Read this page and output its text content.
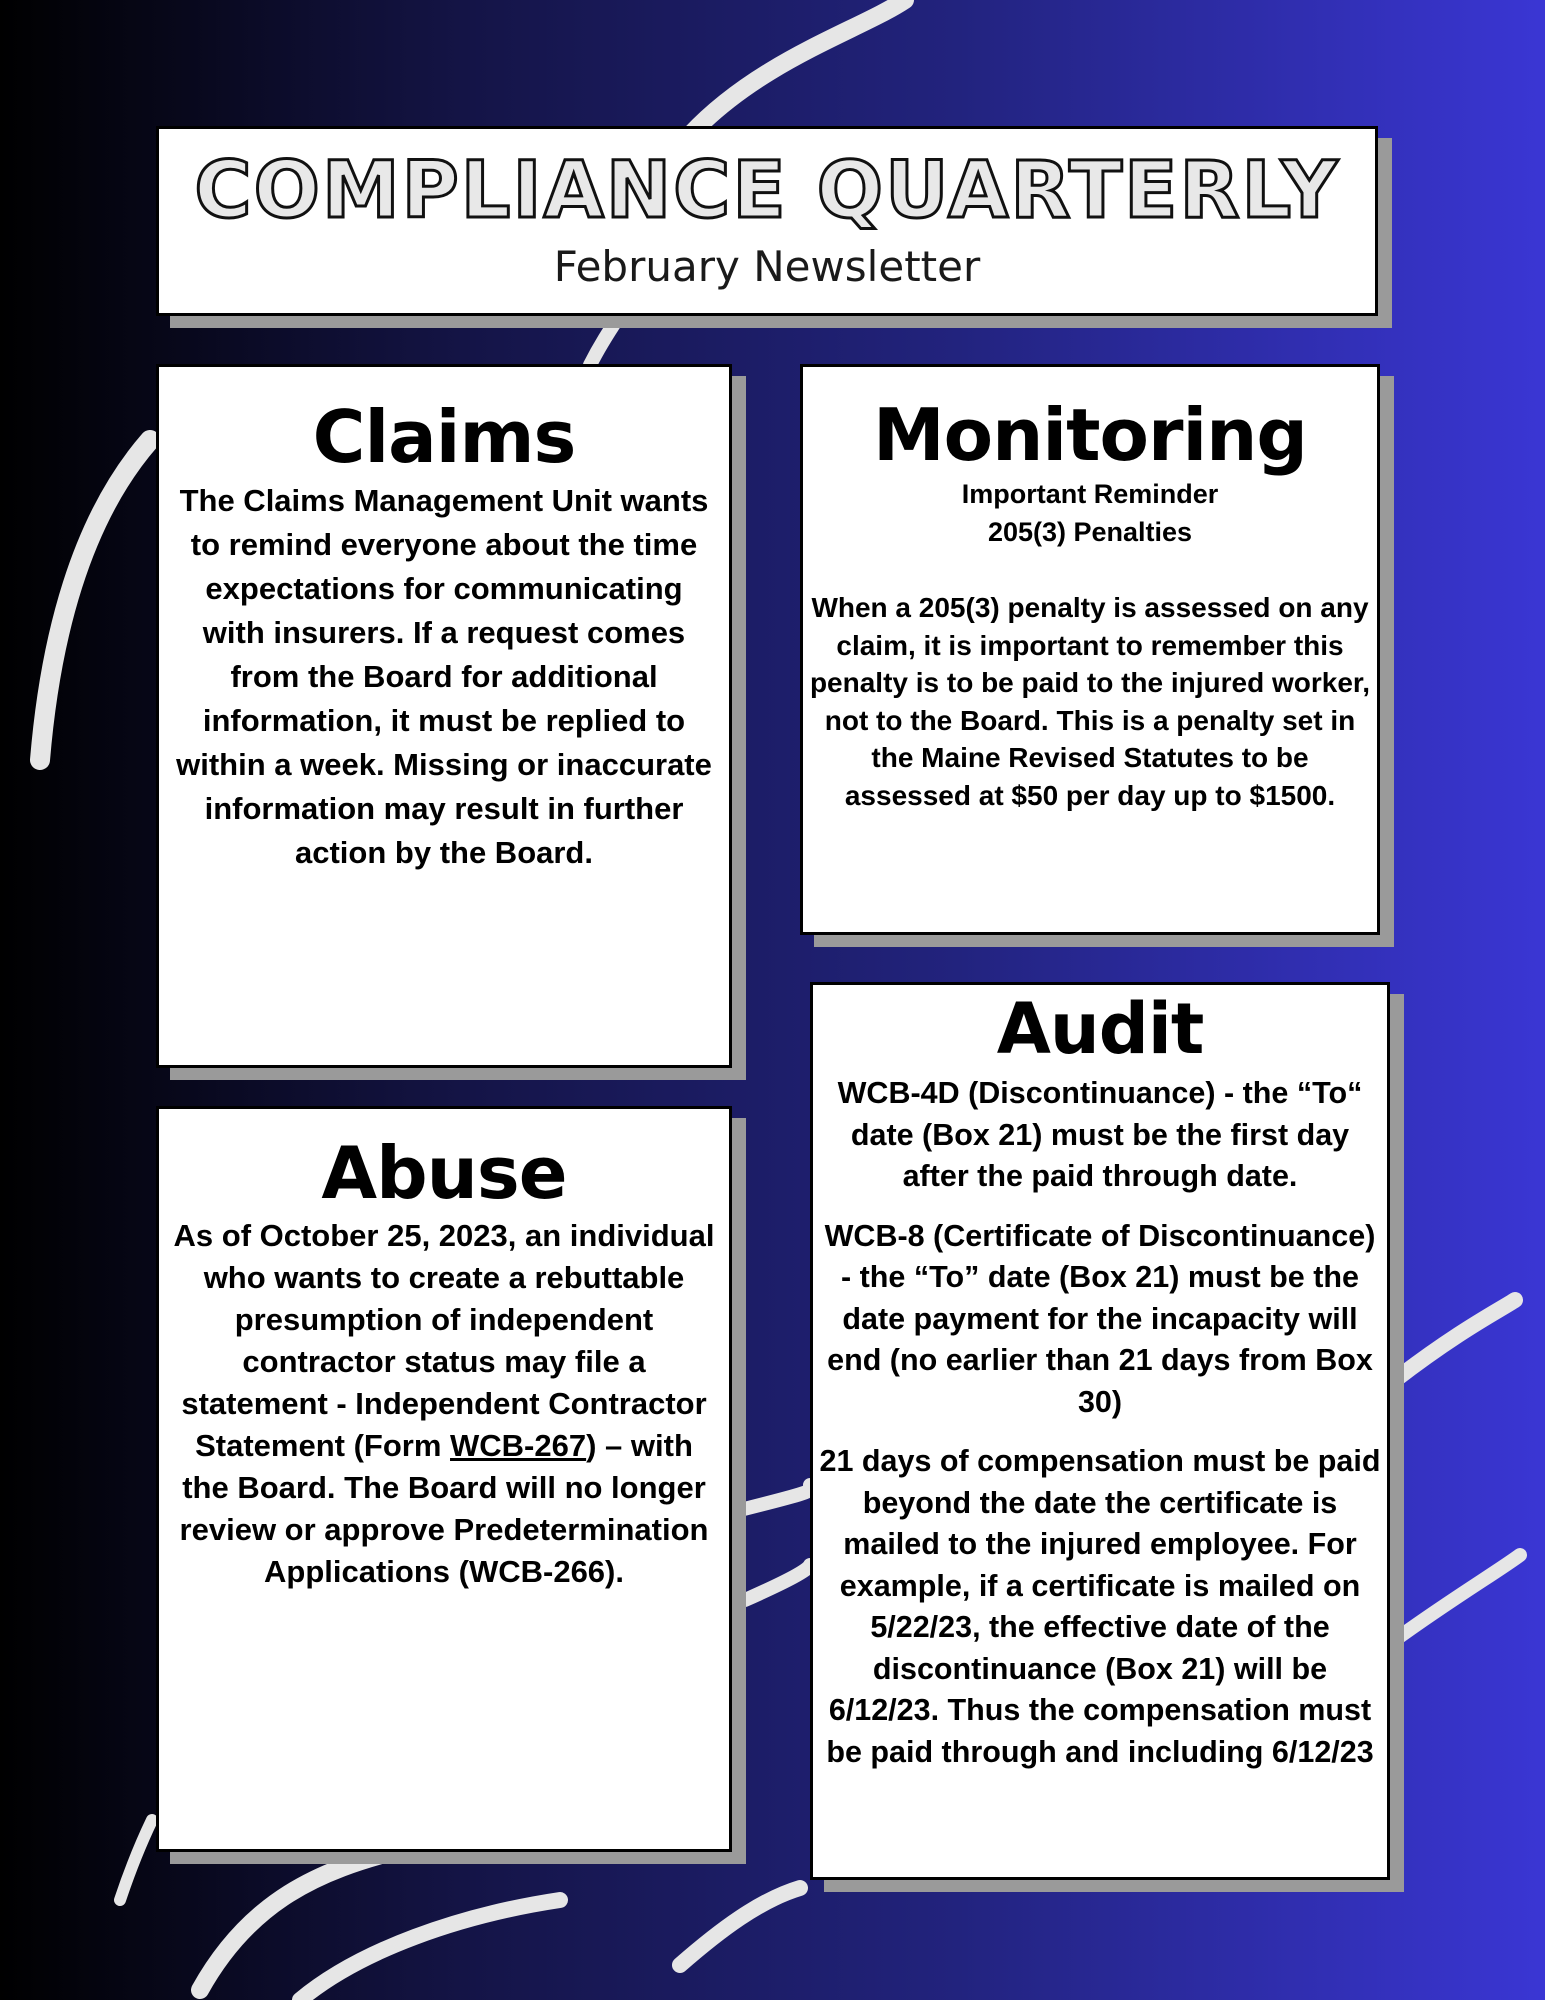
COMPLIANCE QUARTERLY
February Newsletter
Claims
The Claims Management Unit wants to remind everyone about the time expectations for communicating with insurers. If a request comes from the Board for additional information, it must be replied to within a week. Missing or inaccurate information may result in further action by the Board.
Monitoring
Important Reminder
205(3) Penalties
When a 205(3) penalty is assessed on any claim, it is important to remember this penalty is to be paid to the injured worker, not to the Board. This is a penalty set in the Maine Revised Statutes to be assessed at $50 per day up to $1500.
Abuse
As of October 25, 2023, an individual who wants to create a rebuttable presumption of independent contractor status may file a statement - Independent Contractor Statement (Form WCB-267) – with the Board. The Board will no longer review or approve Predetermination Applications (WCB-266).
Audit

WCB-4D (Discontinuance) - the “To“ date (Box 21) must be the first day after the paid through date.

WCB-8 (Certificate of Discontinuance) - the “To” date (Box 21) must be the date payment for the incapacity will end (no earlier than 21 days from Box 30)

21 days of compensation must be paid beyond the date the certificate is mailed to the injured employee. For example, if a certificate is mailed on 5/22/23, the effective date of the discontinuance (Box 21) will be 6/12/23. Thus the compensation must be paid through and including 6/12/23
